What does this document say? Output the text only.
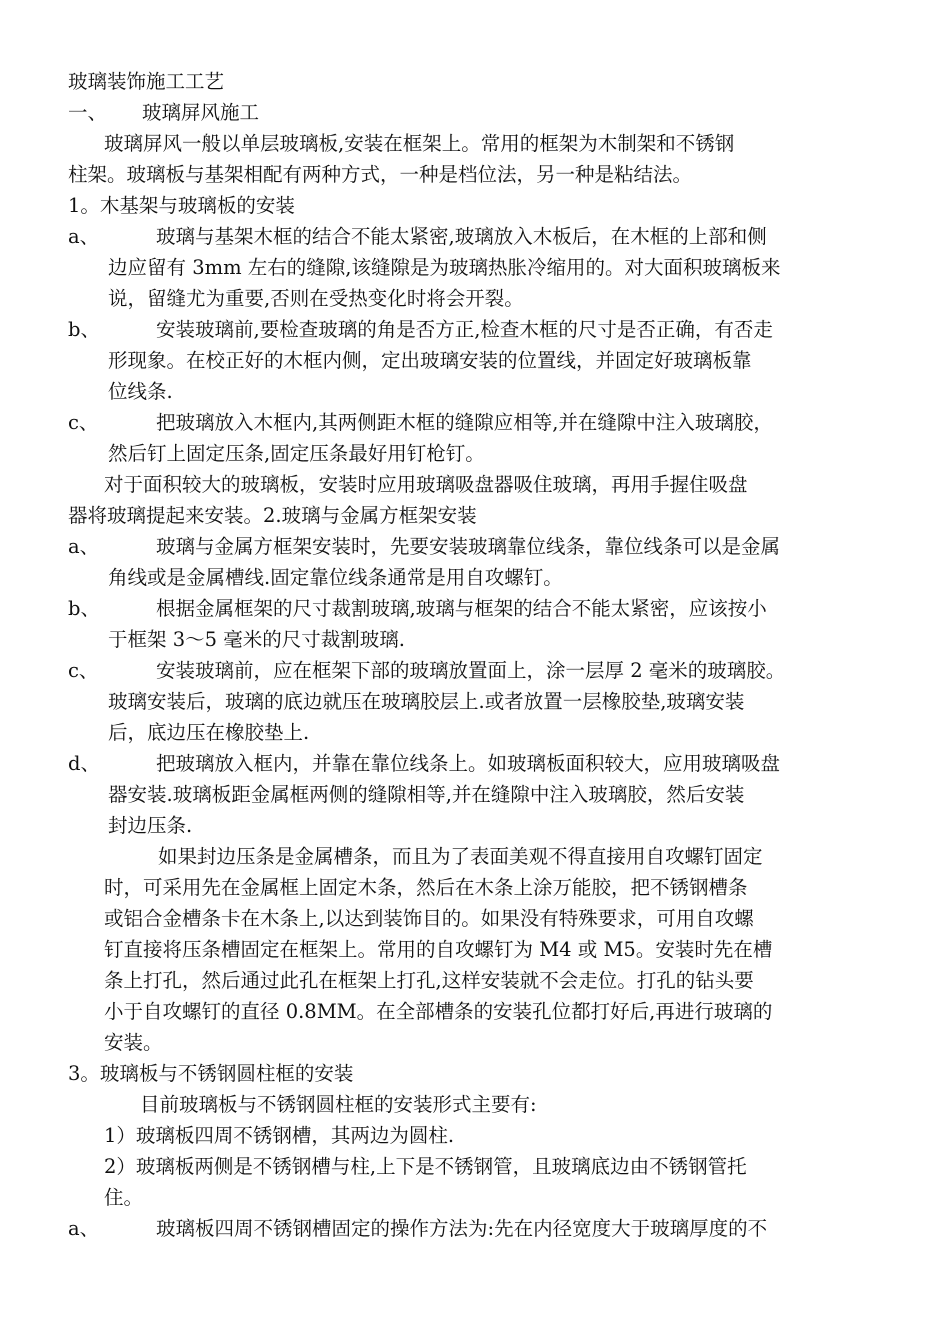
玻璃装饰施工工艺
一、	玻璃屏风施工
玻璃屏风一般以单层玻璃板,安装在框架上。常用的框架为木制架和不锈钢
柱架。玻璃板与基架相配有两种方式，一种是档位法，另一种是粘结法。
1。木基架与玻璃板的安装
a、	玻璃与基架木框的结合不能太紧密,玻璃放入木板后，在木框的上部和侧
边应留有 3mm 左右的缝隙,该缝隙是为玻璃热胀冷缩用的。对大面积玻璃板来
说，留缝尤为重要,否则在受热变化时将会开裂。
b、	安装玻璃前,要检查玻璃的角是否方正,检查木框的尺寸是否正确，有否走
形现象。在校正好的木框内侧，定出玻璃安装的位置线，并固定好玻璃板靠
位线条.
c、	把玻璃放入木框内,其两侧距木框的缝隙应相等,并在缝隙中注入玻璃胶，
然后钉上固定压条,固定压条最好用钉枪钉。
对于面积较大的玻璃板，安装时应用玻璃吸盘器吸住玻璃，再用手握住吸盘
器将玻璃提起来安装。2.玻璃与金属方框架安装
a、	玻璃与金属方框架安装时，先要安装玻璃靠位线条，靠位线条可以是金属
角线或是金属槽线.固定靠位线条通常是用自攻螺钉。
b、	根据金属框架的尺寸裁割玻璃,玻璃与框架的结合不能太紧密，应该按小
于框架 3～5 毫米的尺寸裁割玻璃.
c、	安装玻璃前，应在框架下部的玻璃放置面上，涂一层厚 2 毫米的玻璃胶。
玻璃安装后，玻璃的底边就压在玻璃胶层上.或者放置一层橡胶垫,玻璃安装
后，底边压在橡胶垫上.
d、	把玻璃放入框内，并靠在靠位线条上。如玻璃板面积较大，应用玻璃吸盘
器安装.玻璃板距金属框两侧的缝隙相等,并在缝隙中注入玻璃胶，然后安装
封边压条.
如果封边压条是金属槽条，而且为了表面美观不得直接用自攻螺钉固定
时，可采用先在金属框上固定木条，然后在木条上涂万能胶，把不锈钢槽条
或铝合金槽条卡在木条上,以达到装饰目的。如果没有特殊要求，可用自攻螺
钉直接将压条槽固定在框架上。常用的自攻螺钉为 M4 或 M5。安装时先在槽
条上打孔，然后通过此孔在框架上打孔,这样安装就不会走位。打孔的钻头要
小于自攻螺钉的直径 0.8MM。在全部槽条的安装孔位都打好后,再进行玻璃的
安装。
3。玻璃板与不锈钢圆柱框的安装
目前玻璃板与不锈钢圆柱框的安装形式主要有:
1）玻璃板四周不锈钢槽，其两边为圆柱.
2）玻璃板两侧是不锈钢槽与柱,上下是不锈钢管，且玻璃底边由不锈钢管托
住。
a、	玻璃板四周不锈钢槽固定的操作方法为:先在内径宽度大于玻璃厚度的不
